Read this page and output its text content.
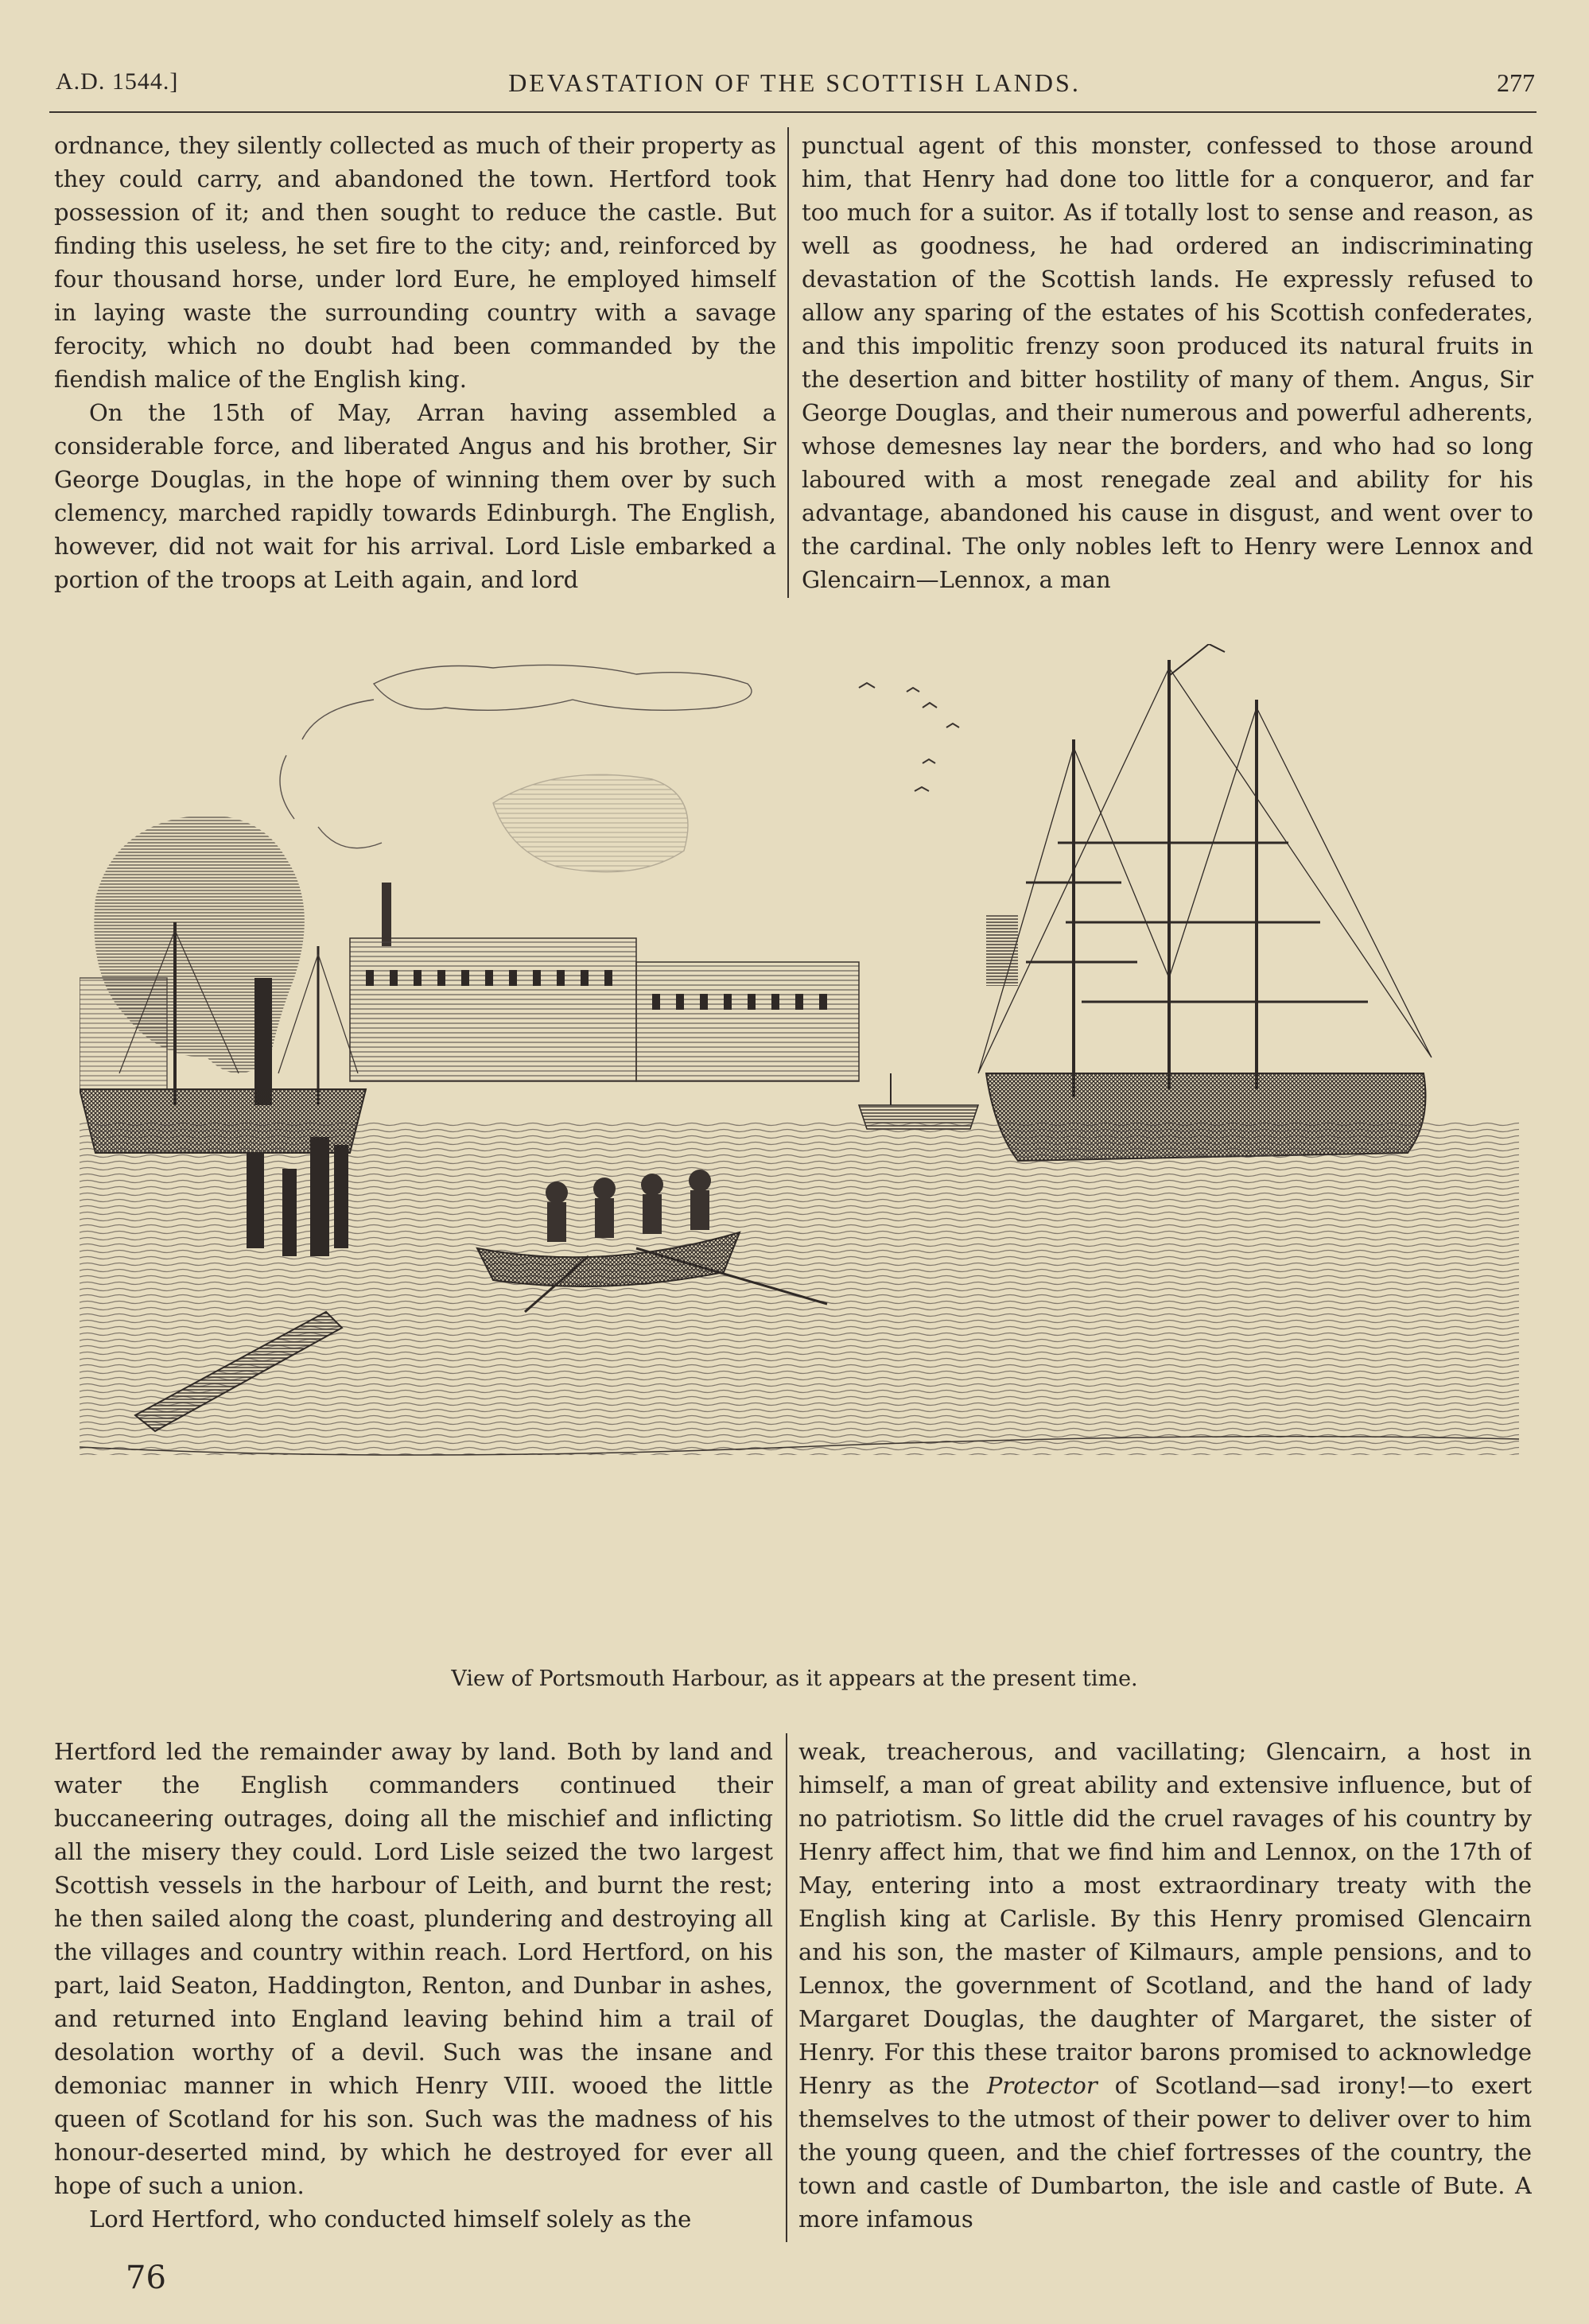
A.D. 1544.]	DEVASTATION OF THE SCOTTISH LANDS.	277

ordnance, they silently collected as much of their property as they could carry, and abandoned the town. Hertford took possession of it; and then sought to reduce the castle. But finding this useless, he set fire to the city; and, reinforced by four thousand horse, under lord Eure, he employed himself in laying waste the surrounding country with a savage ferocity, which no doubt had been commanded by the fiendish malice of the English king.

On the 15th of May, Arran having assembled a considerable force, and liberated Angus and his brother, Sir George Douglas, in the hope of winning them over by such clemency, marched rapidly towards Edinburgh. The English, however, did not wait for his arrival. Lord Lisle embarked a portion of the troops at Leith again, and lord

punctual agent of this monster, confessed to those around him, that Henry had done too little for a conqueror, and far too much for a suitor. As if totally lost to sense and reason, as well as goodness, he had ordered an indiscriminating devastation of the Scottish lands. He expressly refused to allow any sparing of the estates of his Scottish confederates, and this impolitic frenzy soon produced its natural fruits in the desertion and bitter hostility of many of them. Angus, Sir George Douglas, and their numerous and powerful adherents, whose demesnes lay near the borders, and who had so long laboured with a most renegade zeal and ability for his advantage, abandoned his cause in disgust, and went over to the cardinal. The only nobles left to Henry were Lennox and Glencairn—Lennox, a man

View of Portsmouth Harbour, as it appears at the present time.

Hertford led the remainder away by land. Both by land and water the English commanders continued their buccaneering outrages, doing all the mischief and inflicting all the misery they could. Lord Lisle seized the two largest Scottish vessels in the harbour of Leith, and burnt the rest; he then sailed along the coast, plundering and destroying all the villages and country within reach. Lord Hertford, on his part, laid Seaton, Haddington, Renton, and Dunbar in ashes, and returned into England leaving behind him a trail of desolation worthy of a devil. Such was the insane and demoniac manner in which Henry VIII. wooed the little queen of Scotland for his son. Such was the madness of his honour-deserted mind, by which he destroyed for ever all hope of such a union.

Lord Hertford, who conducted himself solely as the

weak, treacherous, and vacillating; Glencairn, a host in himself, a man of great ability and extensive influence, but of no patriotism. So little did the cruel ravages of his country by Henry affect him, that we find him and Lennox, on the 17th of May, entering into a most extraordinary treaty with the English king at Carlisle. By this Henry promised Glencairn and his son, the master of Kilmaurs, ample pensions, and to Lennox, the government of Scotland, and the hand of lady Margaret Douglas, the daughter of Margaret, the sister of Henry. For this these traitor barons promised to acknowledge Henry as the Protector of Scotland—sad irony!—to exert themselves to the utmost of their power to deliver over to him the young queen, and the chief fortresses of the country, the town and castle of Dumbarton, the isle and castle of Bute. A more infamous

76
